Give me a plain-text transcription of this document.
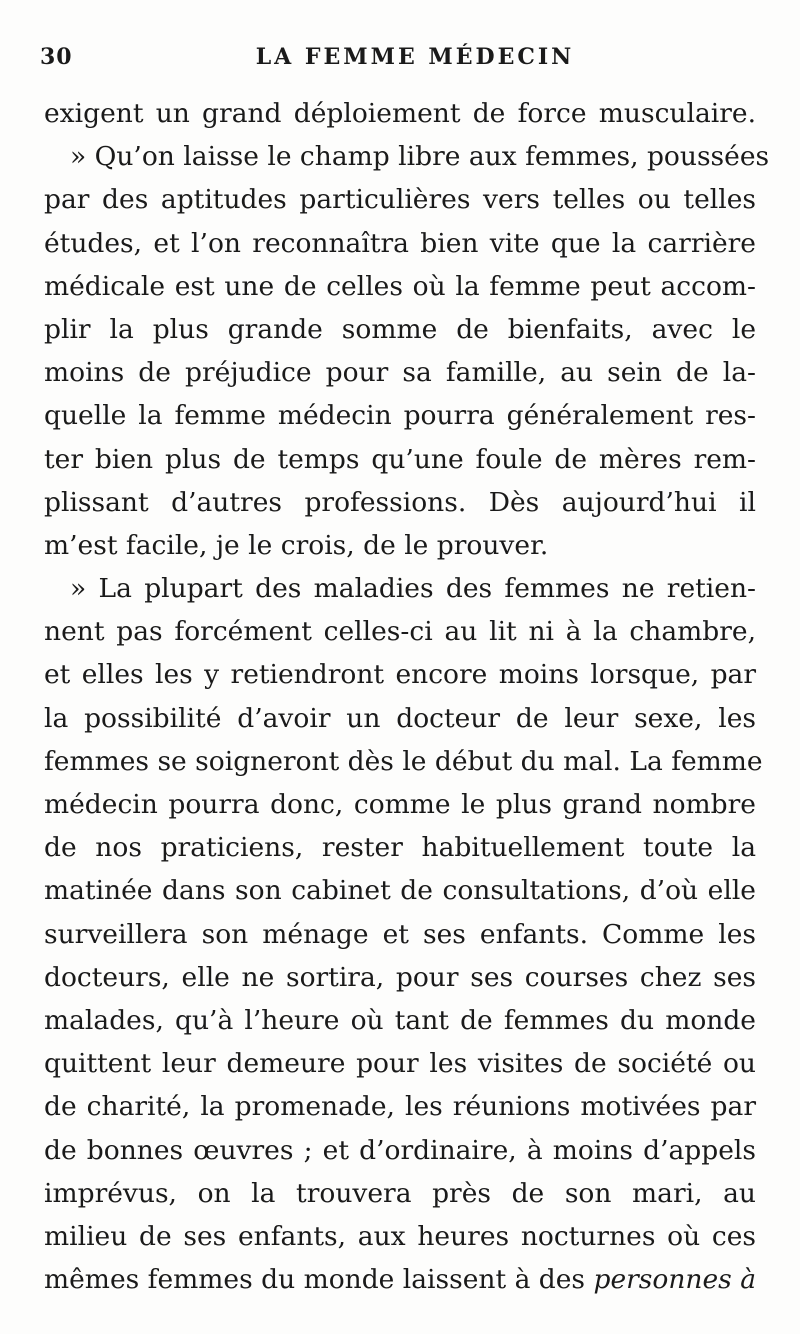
30	LA FEMME MÉDECIN
exigent un grand déploiement de force musculaire.
» Qu’on laisse le champ libre aux femmes, poussées
par des aptitudes particulières vers telles ou telles
études, et l’on reconnaîtra bien vite que la carrière
médicale est une de celles où la femme peut accom-
plir la plus grande somme de bienfaits, avec le
moins de préjudice pour sa famille, au sein de la-
quelle la femme médecin pourra généralement res-
ter bien plus de temps qu’une foule de mères rem-
plissant d’autres professions. Dès aujourd’hui il
m’est facile, je le crois, de le prouver.
» La plupart des maladies des femmes ne retien-
nent pas forcément celles-ci au lit ni à la chambre,
et elles les y retiendront encore moins lorsque, par
la possibilité d’avoir un docteur de leur sexe, les
femmes se soigneront dès le début du mal. La femme
médecin pourra donc, comme le plus grand nombre
de nos praticiens, rester habituellement toute la
matinée dans son cabinet de consultations, d’où elle
surveillera son ménage et ses enfants. Comme les
docteurs, elle ne sortira, pour ses courses chez ses
malades, qu’à l’heure où tant de femmes du monde
quittent leur demeure pour les visites de société ou
de charité, la promenade, les réunions motivées par
de bonnes œuvres ; et d’ordinaire, à moins d’appels
imprévus, on la trouvera près de son mari, au
milieu de ses enfants, aux heures nocturnes où ces
mêmes femmes du monde laissent à des personnes à
